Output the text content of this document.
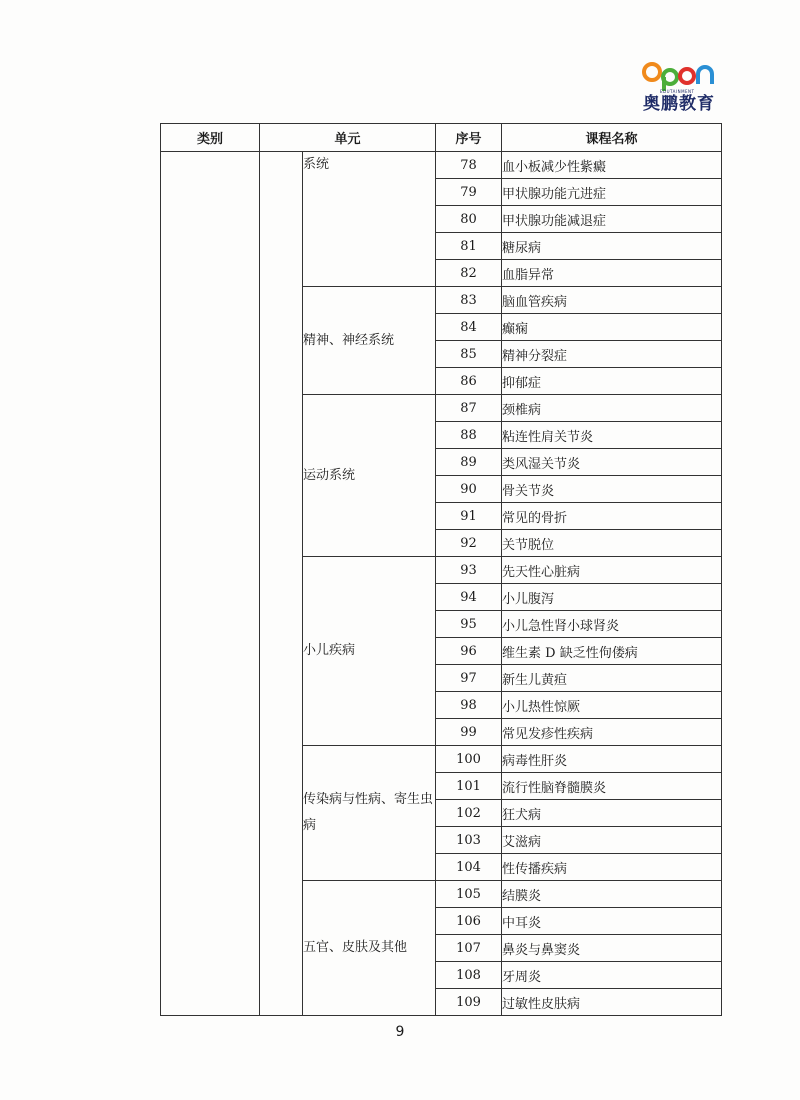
EDUTAINMENT
奥鹏教育
类别	单元		序号	课程名称
		系统	78	血小板减少性紫癜
			79	甲状腺功能亢进症
			80	甲状腺功能减退症
			81	糖尿病
			82	血脂异常
		精神、神经系统	83	脑血管疾病
			84	癫痫
			85	精神分裂症
			86	抑郁症
		运动系统	87	颈椎病
			88	粘连性肩关节炎
			89	类风湿关节炎
			90	骨关节炎
			91	常见的骨折
			92	关节脱位
		小儿疾病	93	先天性心脏病
			94	小儿腹泻
			95	小儿急性肾小球肾炎
			96	维生素 D 缺乏性佝偻病
			97	新生儿黄疸
			98	小儿热性惊厥
			99	常见发疹性疾病
		传染病与性病、寄生虫病	100	病毒性肝炎
			101	流行性脑脊髓膜炎
			102	狂犬病
			103	艾滋病
			104	性传播疾病
		五官、皮肤及其他	105	结膜炎
			106	中耳炎
			107	鼻炎与鼻窦炎
			108	牙周炎
			109	过敏性皮肤病
9
